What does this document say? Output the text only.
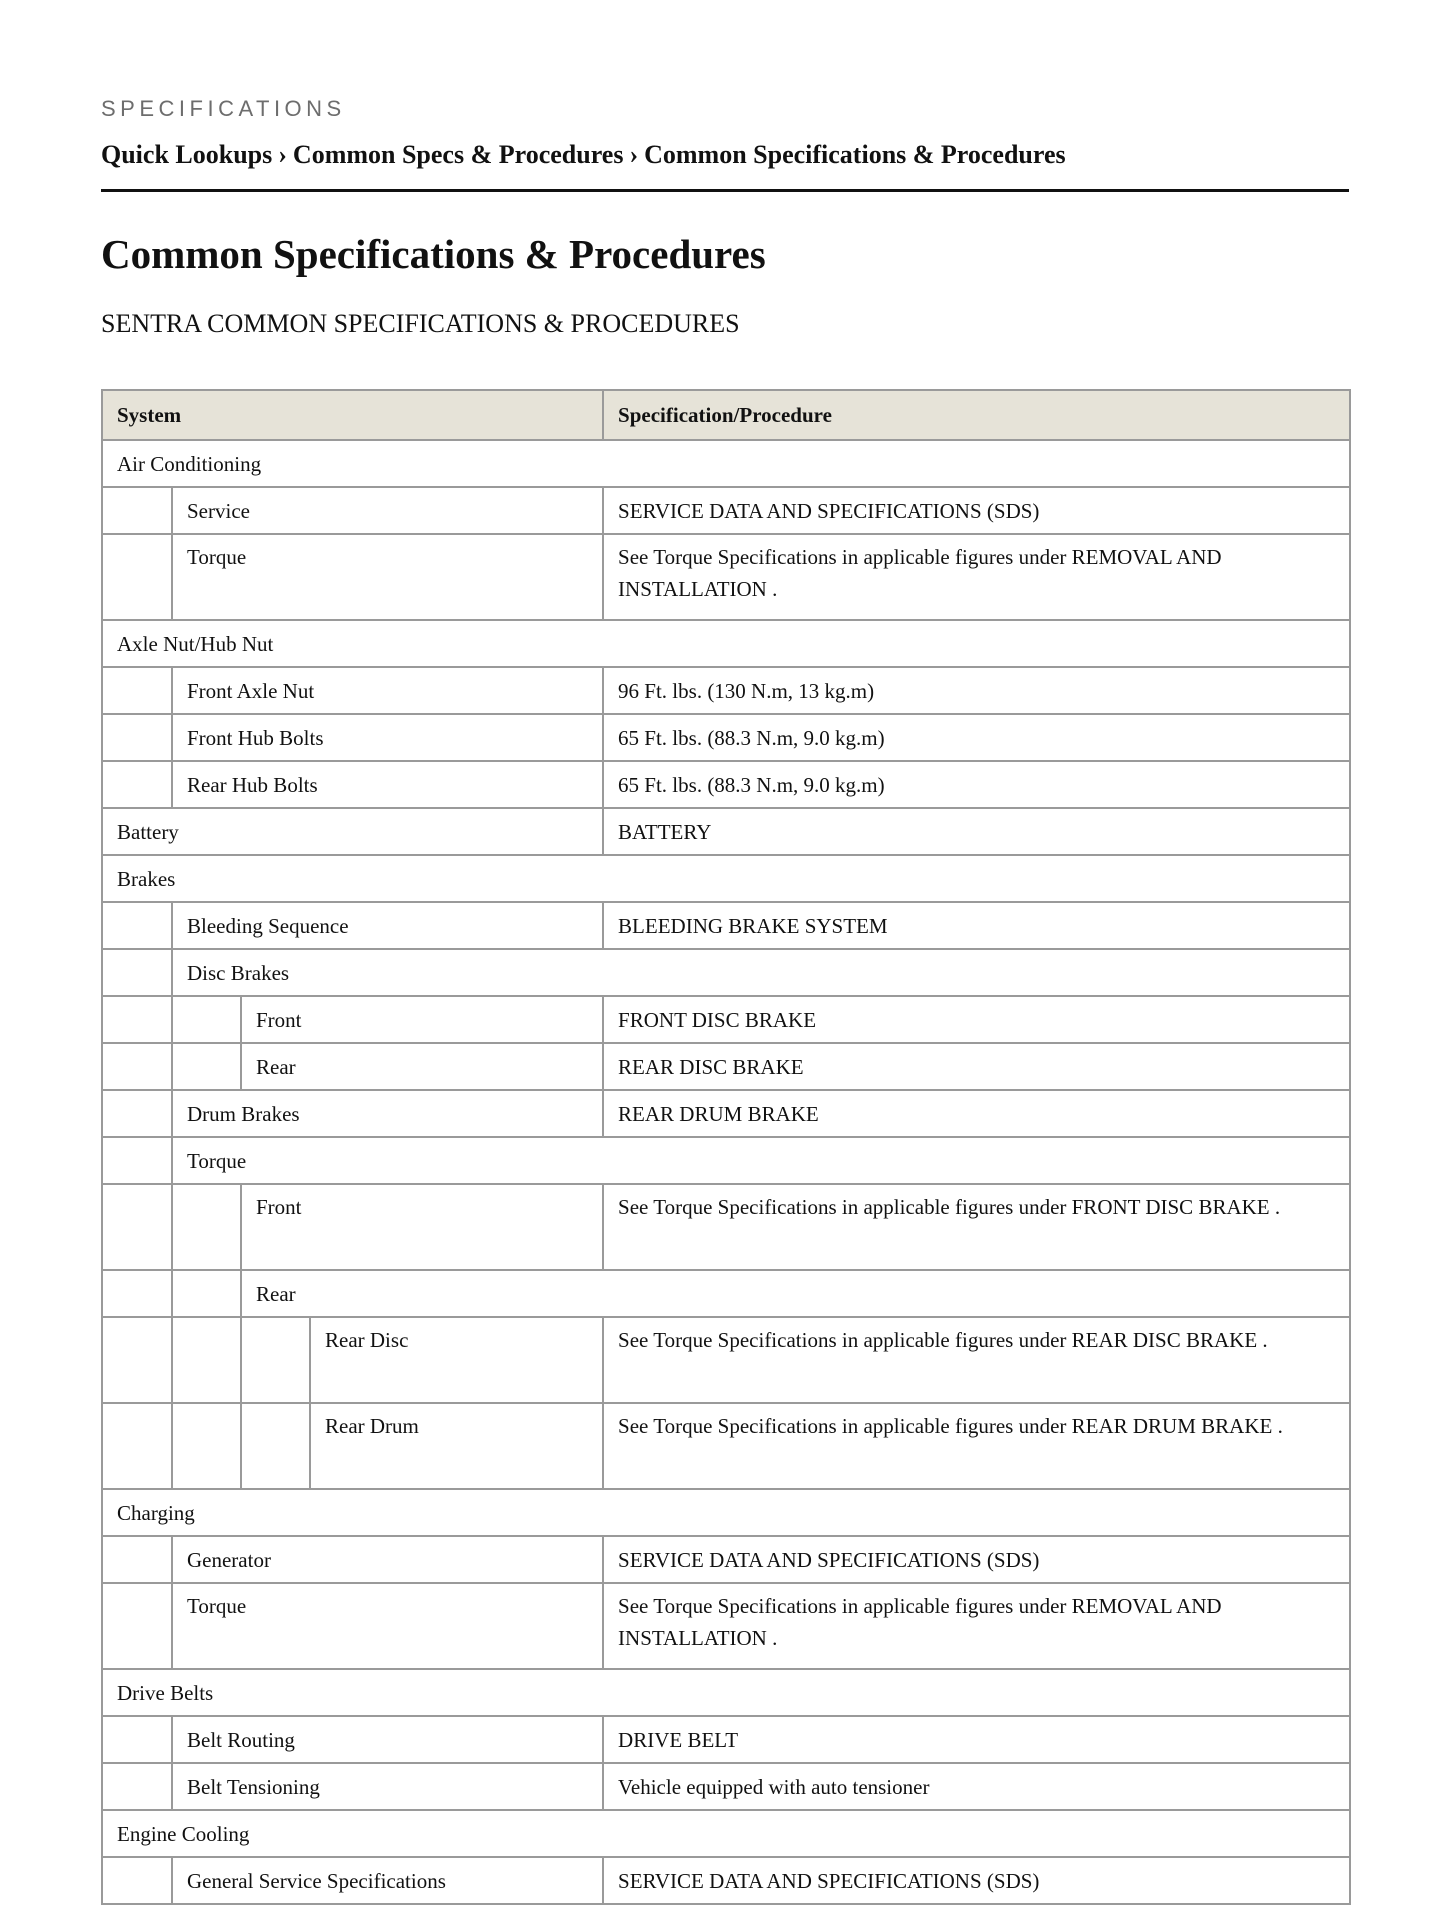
SPECIFICATIONS
Quick Lookups › Common Specs & Procedures › Common Specifications & Procedures
Common Specifications & Procedures
SENTRA COMMON SPECIFICATIONS & PROCEDURES
System				Specification/Procedure
Air Conditioning				
	Service			SERVICE DATA AND SPECIFICATIONS (SDS)
	Torque			See Torque Specifications in applicable figures under REMOVAL AND INSTALLATION .
Axle Nut/Hub Nut				
	Front Axle Nut			96 Ft. lbs. (130 N.m, 13 kg.m)
	Front Hub Bolts			65 Ft. lbs. (88.3 N.m, 9.0 kg.m)
	Rear Hub Bolts			65 Ft. lbs. (88.3 N.m, 9.0 kg.m)
Battery				BATTERY
Brakes				
	Bleeding Sequence			BLEEDING BRAKE SYSTEM
	Disc Brakes			
		Front		FRONT DISC BRAKE
		Rear		REAR DISC BRAKE
	Drum Brakes			REAR DRUM BRAKE
	Torque			
		Front		See Torque Specifications in applicable figures under FRONT DISC BRAKE .
		Rear		
			Rear Disc	See Torque Specifications in applicable figures under REAR DISC BRAKE .
			Rear Drum	See Torque Specifications in applicable figures under REAR DRUM BRAKE .
Charging				
	Generator			SERVICE DATA AND SPECIFICATIONS (SDS)
	Torque			See Torque Specifications in applicable figures under REMOVAL AND INSTALLATION .
Drive Belts				
	Belt Routing			DRIVE BELT
	Belt Tensioning			Vehicle equipped with auto tensioner
Engine Cooling				
	General Service Specifications			SERVICE DATA AND SPECIFICATIONS (SDS)
